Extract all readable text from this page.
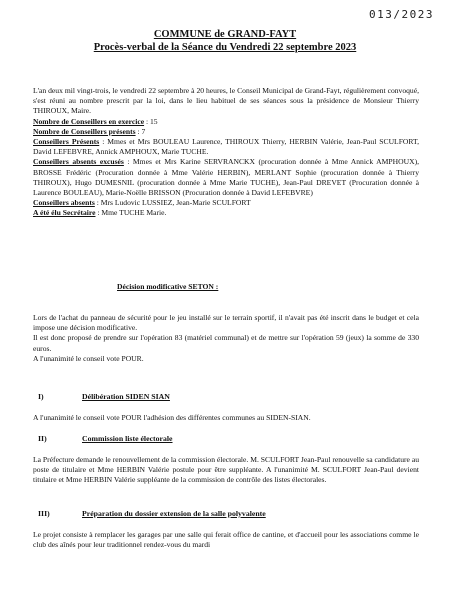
013/2023
COMMUNE de GRAND-FAYT
Procès-verbal de la Séance du Vendredi 22 septembre 2023

L'an deux mil vingt-trois, le vendredi 22 septembre à 20 heures, le Conseil Municipal de Grand-Fayt, régulièrement convoqué, s'est réuni au nombre prescrit par la loi, dans le lieu habituel de ses séances sous la présidence de Monsieur Thierry THIROUX, Maire.

Nombre de Conseillers en exercice : 15

Nombre de Conseillers présents : 7

Conseillers Présents : Mmes et Mrs BOULEAU Laurence, THIROUX Thierry, HERBIN Valérie, Jean-Paul SCULFORT, David LEFEBVRE, Annick AMPHOUX, Marie TUCHE.

Conseillers absents excusés : Mmes et Mrs Karine SERVRANCKX (procuration donnée à Mme Annick AMPHOUX), BROSSE Frédéric (Procuration donnée à Mme Valérie HERBIN), MERLANT Sophie (procuration donnée à Thierry THIROUX), Hugo DUMESNIL (procuration donnée à Mme Marie TUCHE), Jean-Paul DREVET (Procuration donnée à Laurence BOULEAU), Marie-Noëlle BRISSON (Procuration donnée à David LEFEBVRE)

Conseillers absents : Mrs Ludovic LUSSIEZ, Jean-Marie SCULFORT

A été élu Secrétaire : Mme TUCHE Marie.

Décision modificative SETON :

Lors de l'achat du panneau de sécurité pour le jeu installé sur le terrain sportif, il n'avait pas été inscrit dans le budget et cela impose une décision modificative.

Il est donc proposé de prendre sur l'opération 83 (matériel communal) et de mettre sur l'opération 59 (jeux) la somme de 330 euros.

A l'unanimité le conseil vote POUR.

I)	Délibération SIDEN SIAN

A l'unanimité le conseil vote POUR l'adhésion des différentes communes au SIDEN-SIAN.

II)	Commission liste électorale

La Préfecture demande le renouvellement de la commission électorale. M. SCULFORT Jean-Paul renouvelle sa candidature au poste de titulaire et Mme HERBIN Valérie postule pour être suppléante. A l'unanimité M. SCULFORT Jean-Paul devient titulaire et Mme HERBIN Valérie suppléante de la commission de contrôle des listes électorales.

III)	Préparation du dossier extension de la salle polyvalente

Le projet consiste à remplacer les garages par une salle qui ferait office de cantine, et d'accueil pour les associations comme le club des aînés pour leur traditionnel rendez-vous du mardi
